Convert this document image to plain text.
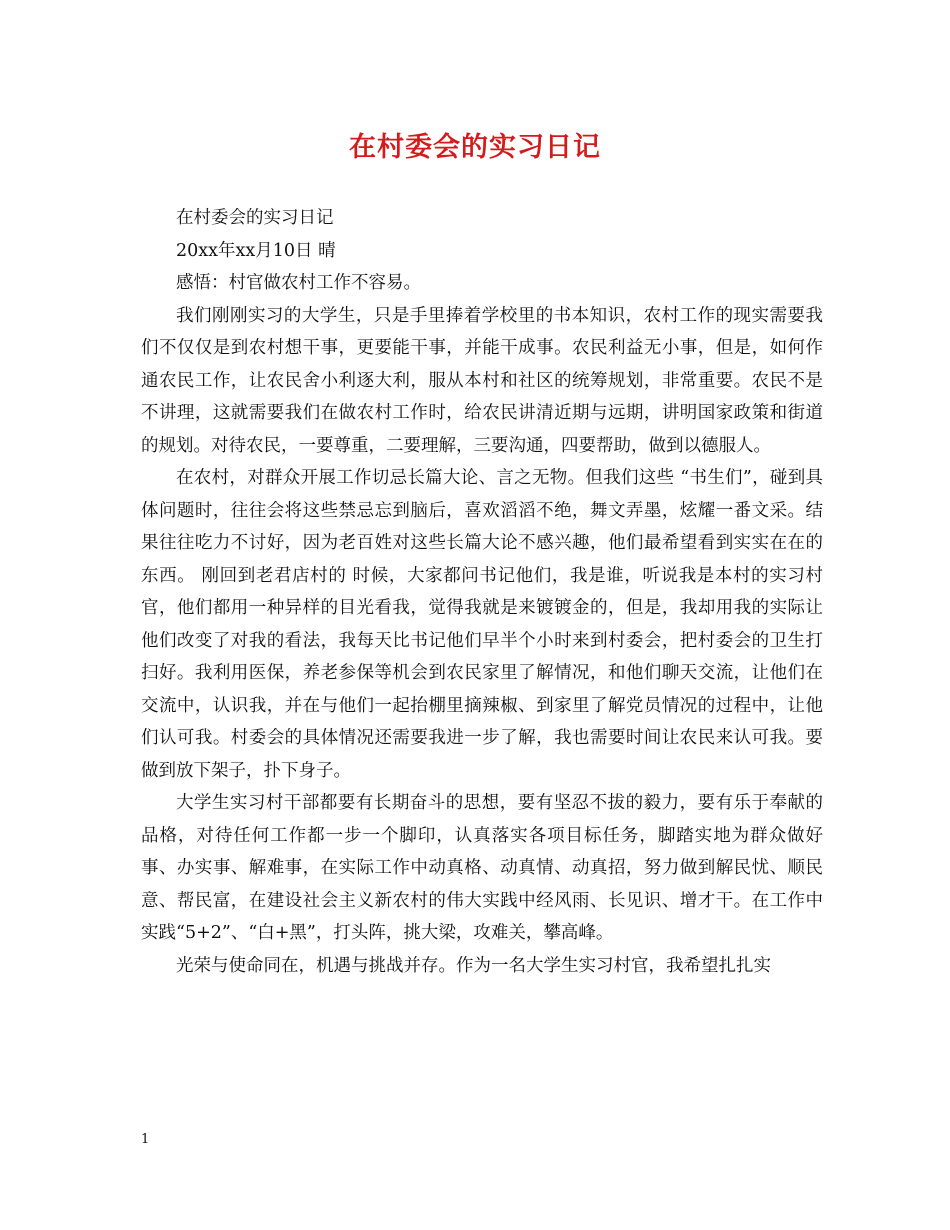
在村委会的实习日记

在村委会的实习日记

20xx年xx月10日 晴

感悟：村官做农村工作不容易。

我们刚刚实习的大学生，只是手里捧着学校里的书本知识，农村工作的现实需要我们不仅仅是到农村想干事，更要能干事，并能干成事。农民利益无小事，但是，如何作通农民工作，让农民舍小利逐大利，服从本村和社区的统筹规划，非常重要。农民不是不讲理，这就需要我们在做农村工作时，给农民讲清近期与远期，讲明国家政策和街道的规划。对待农民，一要尊重，二要理解，三要沟通，四要帮助，做到以德服人。

在农村，对群众开展工作切忌长篇大论、言之无物。但我们这些 “书生们”，碰到具体问题时，往往会将这些禁忌忘到脑后，喜欢滔滔不绝，舞文弄墨，炫耀一番文采。结果往往吃力不讨好，因为老百姓对这些长篇大论不感兴趣，他们最希望看到实实在在的东西。 刚回到老君店村的 时候，大家都问书记他们，我是谁，听说我是本村的实习村官，他们都用一种异样的目光看我，觉得我就是来镀镀金的，但是，我却用我的实际让他们改变了对我的看法，我每天比书记他们早半个小时来到村委会，把村委会的卫生打扫好。我利用医保，养老参保等机会到农民家里了解情况，和他们聊天交流，让他们在交流中，认识我，并在与他们一起抬棚里摘辣椒、到家里了解党员情况的过程中，让他们认可我。村委会的具体情况还需要我进一步了解，我也需要时间让农民来认可我。要做到放下架子，扑下身子。

大学生实习村干部都要有长期奋斗的思想，要有坚忍不拔的毅力，要有乐于奉献的品格，对待任何工作都一步一个脚印，认真落实各项目标任务，脚踏实地为群众做好事、办实事、解难事，在实际工作中动真格、动真情、动真招，努力做到解民忧、顺民意、帮民富，在建设社会主义新农村的伟大实践中经风雨、长见识、增才干。在工作中实践“5+2”、“白+黑”，打头阵，挑大梁，攻难关，攀高峰。

光荣与使命同在，机遇与挑战并存。作为一名大学生实习村官，我希望扎扎实

1
